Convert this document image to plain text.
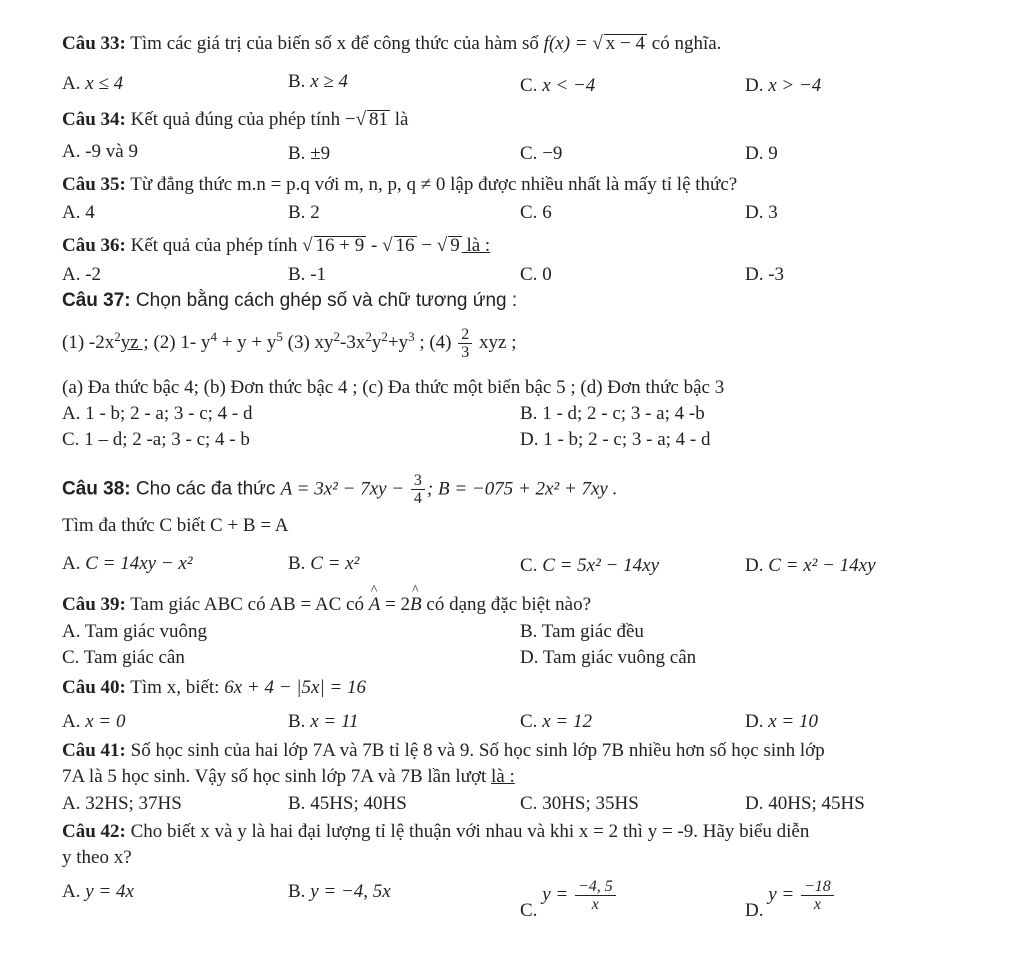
Câu 33: Tìm các giá trị của biến số x để công thức của hàm số f(x) = √ x − 4 có nghĩa.
A. x ≤ 4	B. x ≥ 4	C. x < −4	D. x > −4
Câu 34: Kết quả đúng của phép tính −√ 81 là
A. -9 và 9	B. ±9	C. −9	D. 9
Câu 35: Từ đẳng thức m.n = p.q với m, n, p, q ≠ 0 lập được nhiều nhất là mấy tỉ lệ thức?
A. 4	B. 2	C. 6	D. 3
Câu 36: Kết quả của phép tính √ 16 + 9 - √ 16 − √ 9 là :
A. -2	B. -1	C. 0	D. -3
Câu 37: Chọn bằng cách ghép số và chữ tương ứng :
(1) $-2x^2yz$ ; (2) 1- $y^4 + y + y^5$ (3) $xy^2-3x^2y^2+y^3$ ; $(4) \frac{2}{3}$ xyz ;
(a) Đa thức bậc 4; (b) Đơn thức bậc 4 ; (c) Đa thức một biến bậc 5 ; (d) Đơn thức bậc 3
A. 1 - b; 2 - a; 3 - c; 4 - d	B. 1 - d; 2 - c; 3 - a; 4 -b
C. 1 – d; 2 -a; 3 - c; 4 - b	D. 1 - b; 2 - c; 3 - a; 4 - d
Câu 38: Cho các đa thức $A = 3x^2 - 7xy - \frac{3}{4}$ ; B = −075 + 2x² + 7xy .
Tìm đa thức C biết C + B = A
A. C = 14xy − x²	B. C = x²	C. C = 5x² − 14xy	D. C = x² − 14xy
Câu 39: Tam giác ABC có AB = AC có ^ A = 2^ B có dạng đặc biệt nào?
A. Tam giác vuông	B. Tam giác đều
C. Tam giác cân	D. Tam giác vuông cân
Câu 40: Tìm x, biết: 6x + 4 − |5x| = 16
A. x = 0	B. x = 11	C. x = 12	D. x = 10
Câu 41: Số học sinh của hai lớp 7A và 7B tỉ lệ 8 và 9. Số học sinh lớp 7B nhiều hơn số học sinh lớp
7A là 5 học sinh. Vậy số học sinh lớp 7A và 7B lần lượt là :
A. 32HS; 37HS	B. 45HS; 40HS	C. 30HS; 35HS	D. 40HS; 45HS
Câu 42: Cho biết x và y là hai đại lượng tỉ lệ thuận với nhau và khi x = 2 thì y = -9. Hãy biểu diễn
y theo x?
A. y = 4x	B. y = −4, 5x
C. $y = \frac{-4, 5}{x}$	D. $y = \frac{-18}{x}$
